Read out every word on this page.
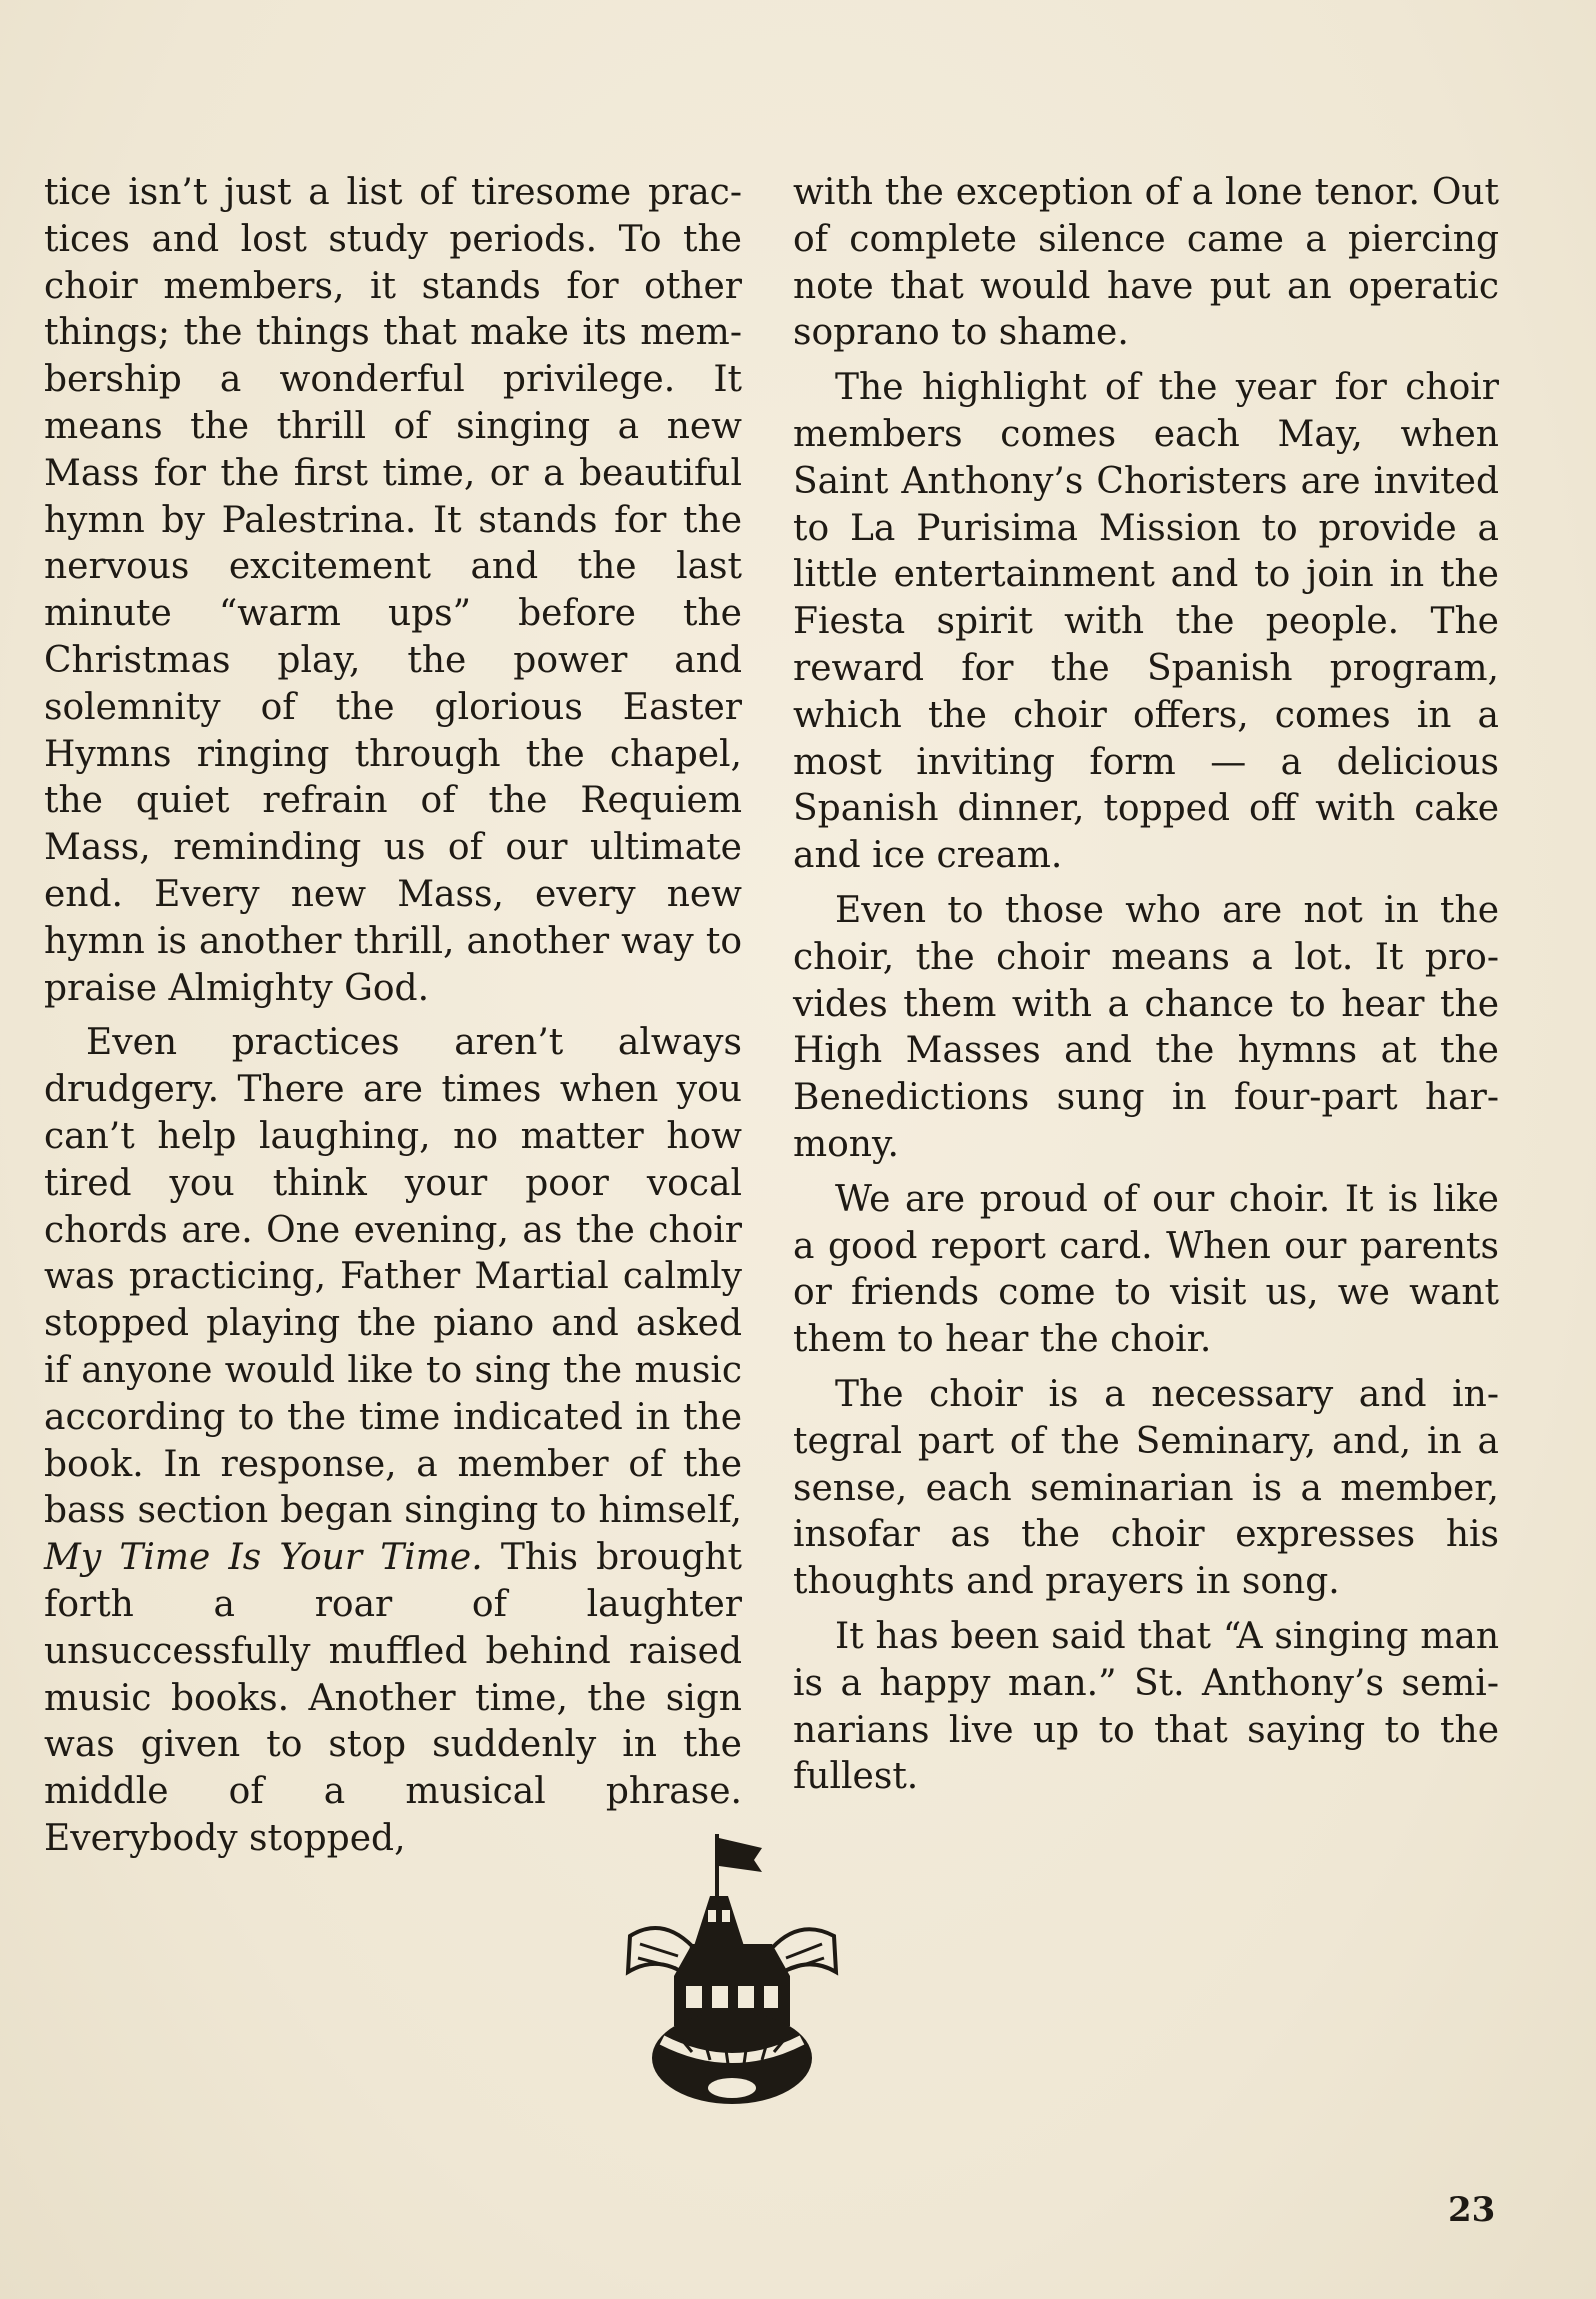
tice isn’t just a list of tiresome practices and lost study periods. To the choir members, it stands for other things; the things that make its membership a wonderful privilege. It means the thrill of singing a new Mass for the first time, or a beautiful hymn by Palestrina. It stands for the nervous excitement and the last minute “warm ups” before the Christmas play, the power and solemnity of the glorious Easter Hymns ringing through the chapel, the quiet refrain of the Requiem Mass, reminding us of our ultimate end. Every new Mass, every new hymn is another thrill, another way to praise Almighty God.

Even practices aren’t always drudgery. There are times when you can’t help laughing, no matter how tired you think your poor vocal chords are. One evening, as the choir was practicing, Father Martial calmly stopped playing the piano and asked if anyone would like to sing the music according to the time indicated in the book. In response, a member of the bass section began singing to himself, My Time Is Your Time. This brought forth a roar of laughter unsuccessfully muffled behind raised music books. Another time, the sign was given to stop suddenly in the middle of a musical phrase. Everybody stopped,

with the exception of a lone tenor. Out of complete silence came a piercing note that would have put an operatic soprano to shame.

The highlight of the year for choir members comes each May, when Saint Anthony’s Choristers are invited to La Purisima Mission to provide a little entertainment and to join in the Fiesta spirit with the people. The reward for the Spanish program, which the choir offers, comes in a most inviting form — a delicious Spanish dinner, topped off with cake and ice cream.

Even to those who are not in the choir, the choir means a lot. It provides them with a chance to hear the High Masses and the hymns at the Benedictions sung in four-part harmony.

We are proud of our choir. It is like a good report card. When our parents or friends come to visit us, we want them to hear the choir.

The choir is a necessary and integral part of the Seminary, and, in a sense, each seminarian is a member, insofar as the choir expresses his thoughts and prayers in song.

It has been said that “A singing man is a happy man.” St. Anthony’s seminarians live up to that saying to the fullest.

23
